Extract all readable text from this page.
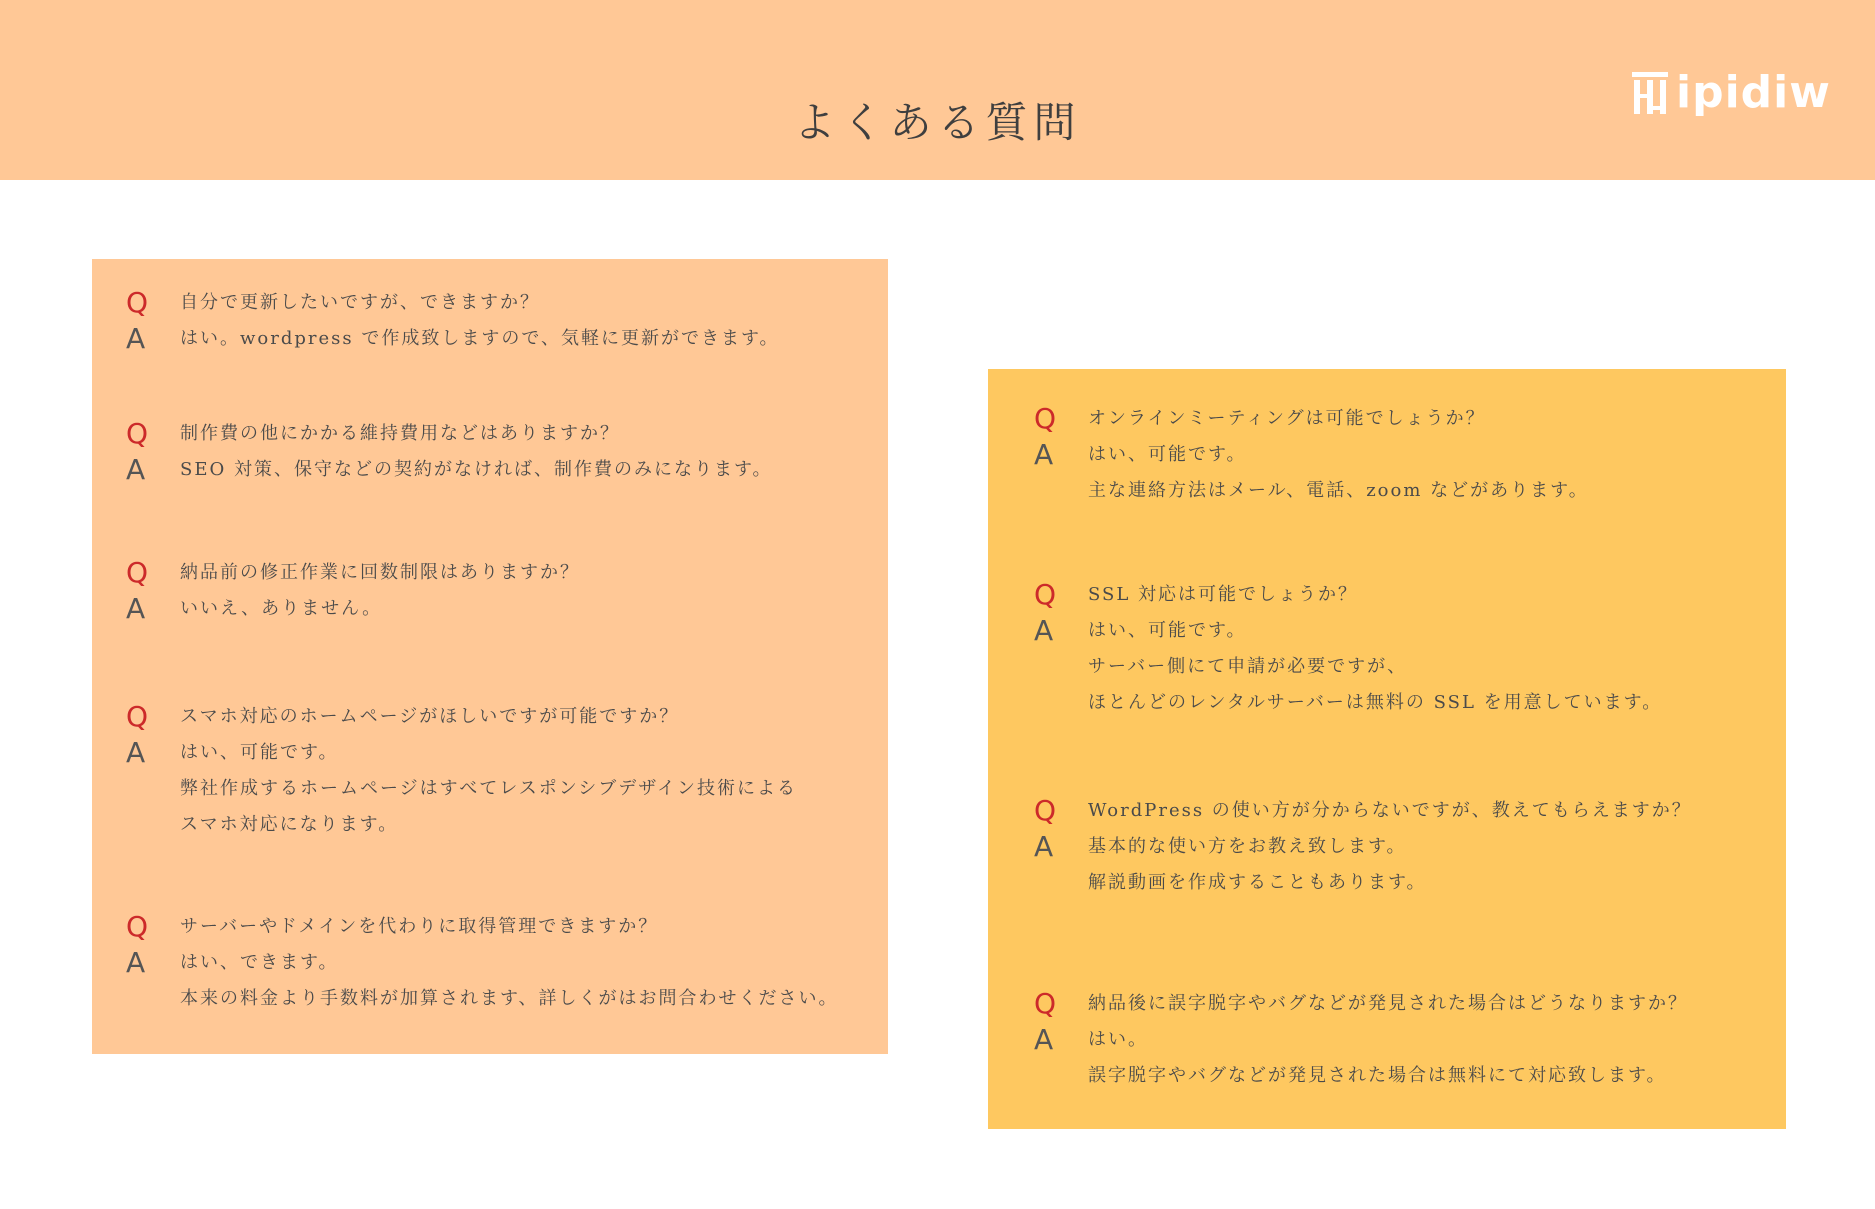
よくある質問
ipidiw
Q	自分で更新したいですが、できますか？
A	はい。wordpress で作成致しますので、気軽に更新ができます。
Q	制作費の他にかかる維持費用などはありますか？
A	SEO 対策、保守などの契約がなければ、制作費のみになります。
Q	納品前の修正作業に回数制限はありますか？
A	いいえ、ありません。
Q	スマホ対応のホームページがほしいですが可能ですか？
A	はい、可能です。
弊社作成するホームページはすべてレスポンシブデザイン技術による
スマホ対応になります。
Q	サーバーやドメインを代わりに取得管理できますか？
A	はい、できます。
本来の料金より手数料が加算されます、詳しくがはお問合わせください。
Q	オンラインミーティングは可能でしょうか？
A	はい、可能です。
主な連絡方法はメール、電話、zoom などがあります。
Q	SSL 対応は可能でしょうか？
A	はい、可能です。
サーバー側にて申請が必要ですが、
ほとんどのレンタルサーバーは無料の SSL を用意しています。
Q	WordPress の使い方が分からないですが、教えてもらえますか？
A	基本的な使い方をお教え致します。
解説動画を作成することもあります。
Q	納品後に誤字脱字やバグなどが発見された場合はどうなりますか？
A	はい。
誤字脱字やバグなどが発見された場合は無料にて対応致します。
